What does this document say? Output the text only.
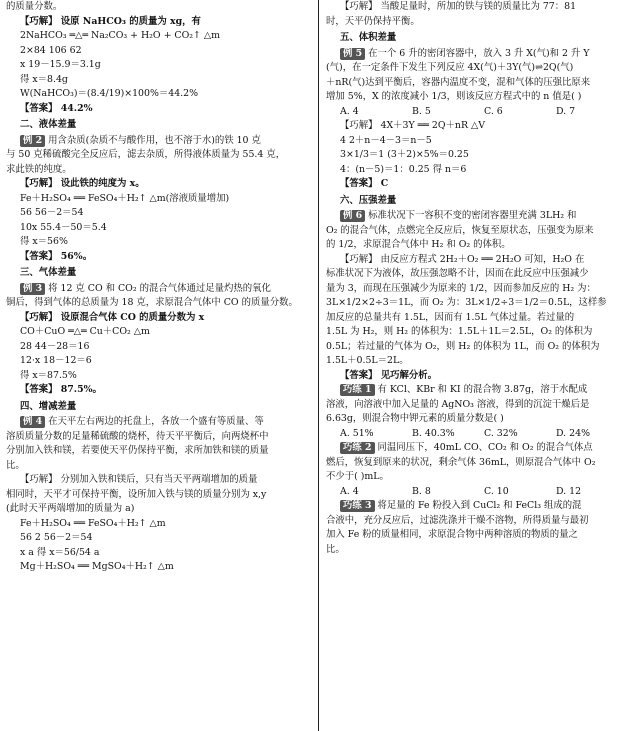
的质量分数。
【巧解】 设原 NaHCO₃ 的质量为 xg，有
2NaHCO₃ ═△═ Na₂CO₃ + H₂O + CO₂↑ △m
2×84 106 62
x 19－15.9＝3.1g
得 x＝8.4g
W(NaHCO₃)＝(8.4/19)×100%＝44.2%
【答案】 44.2%
二、液体差量
例 2 用含杂质(杂质不与酸作用，也不溶于水)的铁 10 克
与 50 克稀硫酸完全反应后，滤去杂质，所得液体质量为 55.4 克，
求此铁的纯度。
【巧解】 设此铁的纯度为 x。
Fe＋H₂SO₄ ══ FeSO₄＋H₂↑ △m(溶液质量增加)
56 56－2＝54
10x 55.4－50＝5.4
得 x＝56%
【答案】 56%。
三、气体差量
例 3 将 12 克 CO 和 CO₂ 的混合气体通过足量灼热的氧化
铜后，得到气体的总质量为 18 克，求原混合气体中 CO 的质量分数。
【巧解】 设原混合气体 CO 的质量分数为 x
CO＋CuO ═△═ Cu＋CO₂ △m
28 44－28＝16
12·x 18－12＝6
得 x＝87.5%
【答案】 87.5%。
四、增减差量
例 4 在天平左右两边的托盘上，各放一个盛有等质量、等
溶质质量分数的足量稀硫酸的烧杯，待天平平衡后，向两烧杯中
分别加入铁和镁，若要使天平仍保持平衡，求所加铁和镁的质量
比。
【巧解】 分别加入铁和镁后，只有当天平两端增加的质量
相同时，天平才可保持平衡，设所加入铁与镁的质量分别为 x,y
(此时天平两端增加的质量为 a)
Fe＋H₂SO₄ ══ FeSO₄＋H₂↑ △m
56 2 56－2＝54
x a 得 x＝56/54 a
Mg＋H₂SO₄ ══ MgSO₄＋H₂↑ △m
【巧解】 当酸足量时，所加的铁与镁的质量比为 77：81
时，天平仍保持平衡。
五、体积差量
例 5 在一个 6 升的密闭容器中，放入 3 升 X(气)和 2 升 Y
(气)，在一定条件下发生下列反应 4X(气)＋3Y(气)⇌2Q(气)
＋nR(气)达到平衡后，容器内温度不变，混和气体的压强比原来
增加 5%，X 的浓度减小 1/3，则该反应方程式中的 n 值是( )
A. 4	B. 5	C. 6	D. 7
【巧解】 4X＋3Y ══ 2Q＋nR △V
4 2＋n－4－3＝n－5
3×1/3＝1 (3＋2)×5%＝0.25
4：(n－5)＝1：0.25 得 n＝6
【答案】 C
六、压强差量
例 6 标准状况下一容积不变的密闭容器里充满 3LH₂ 和
O₂ 的混合气体，点燃完全反应后，恢复至原状态，压强变为原来
的 1/2，求原混合气体中 H₂ 和 O₂ 的体积。
【巧解】 由反应方程式 2H₂＋O₂ ══ 2H₂O 可知，H₂O 在
标准状况下为液体，故压强忽略不计，因而在此反应中压强减少
量为 3，而现在压强减少为原来的 1/2，因而参加反应的 H₂ 为：
3L×1/2×2÷3＝1L，而 O₂ 为：3L×1/2÷3＝1/2＝0.5L，这样参
加反应的总量共有 1.5L，因而有 1.5L 气体过量。若过量的
1.5L 为 H₂，则 H₂ 的体积为：1.5L＋1L＝2.5L，O₂ 的体积为
0.5L；若过量的气体为 O₂，则 H₂ 的体积为 1L，而 O₂ 的体积为
1.5L＋0.5L＝2L。
【答案】 见巧解分析。
巧练 1 有 KCl、KBr 和 KI 的混合物 3.87g，溶于水配成
溶液，向溶液中加入足量的 AgNO₃ 溶液，得到的沉淀干燥后是
6.63g，则混合物中钾元素的质量分数是( )
A. 51%	B. 40.3%	C. 32%	D. 24%
巧练 2 同温同压下，40mL CO、CO₂ 和 O₂ 的混合气体点
燃后，恢复到原来的状况，剩余气体 36mL，则原混合气体中 O₂
不少于( )mL。
A. 4	B. 8	C. 10	D. 12
巧练 3 将足量的 Fe 粉投入到 CuCl₂ 和 FeCl₃ 组成的混
合液中，充分反应后，过滤洗涤并干燥不溶物，所得质量与最初
加入 Fe 粉的质量相同，求原混合物中两种溶质的物质的量之
比。
